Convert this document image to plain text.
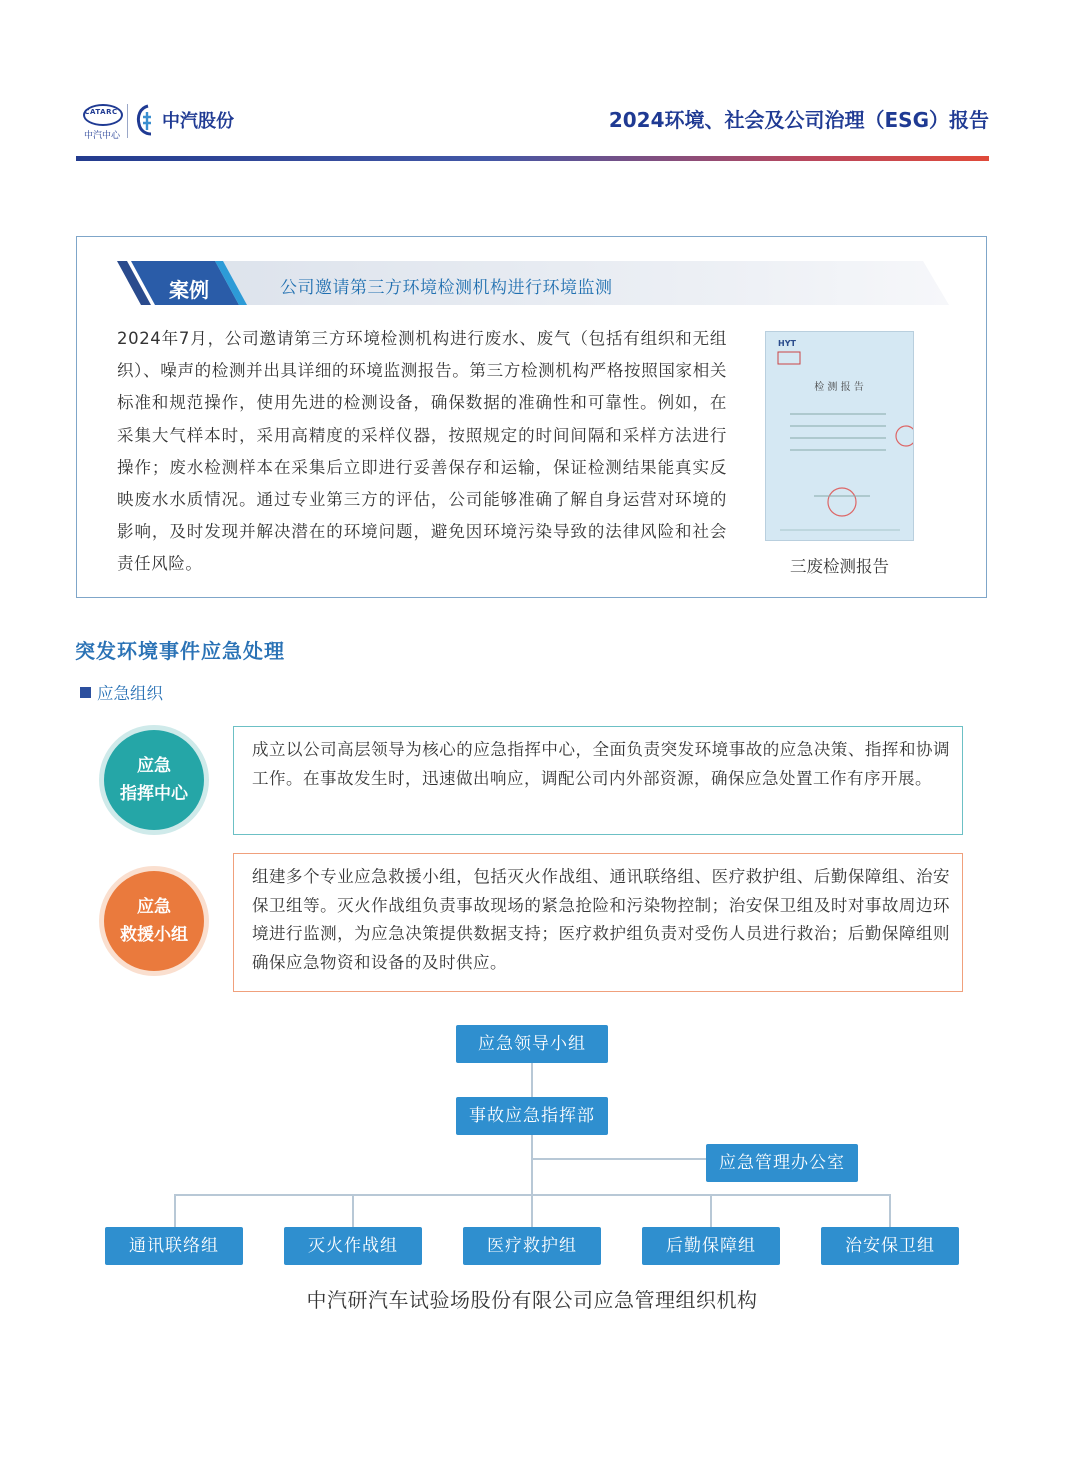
CATARC
中汽中心
中汽股份	2024环境、社会及公司治理（ESG）报告
案例	公司邀请第三方环境检测机构进行环境监测

2024年7月，公司邀请第三方环境检测机构进行废水、废气（包括有组织和无组织）、噪声的检测并出具详细的环境监测报告。第三方检测机构严格按照国家相关标准和规范操作，使用先进的检测设备，确保数据的准确性和可靠性。例如，在采集大气样本时，采用高精度的采样仪器，按照规定的时间间隔和采样方法进行操作；废水检测样本在采集后立即进行妥善保存和运输，保证检测结果能真实反映废水水质情况。通过专业第三方的评估，公司能够准确了解自身运营对环境的影响，及时发现并解决潜在的环境问题，避免因环境污染导致的法律风险和社会责任风险。

HYT
检 测 报 告
三废检测报告
突发环境事件应急处理
应急组织
应急
指挥中心
成立以公司高层领导为核心的应急指挥中心，全面负责突发环境事故的应急决策、指挥和协调工作。在事故发生时，迅速做出响应，调配公司内外部资源，确保应急处置工作有序开展。
应急
救援小组
组建多个专业应急救援小组，包括灭火作战组、通讯联络组、医疗救护组、后勤保障组、治安保卫组等。灭火作战组负责事故现场的紧急抢险和污染物控制；治安保卫组及时对事故周边环境进行监测，为应急决策提供数据支持；医疗救护组负责对受伤人员进行救治；后勤保障组则确保应急物资和设备的及时供应。
应急领导小组
事故应急指挥部
应急管理办公室
通讯联络组	灭火作战组	医疗救护组	后勤保障组	治安保卫组
中汽研汽车试验场股份有限公司应急管理组织机构
